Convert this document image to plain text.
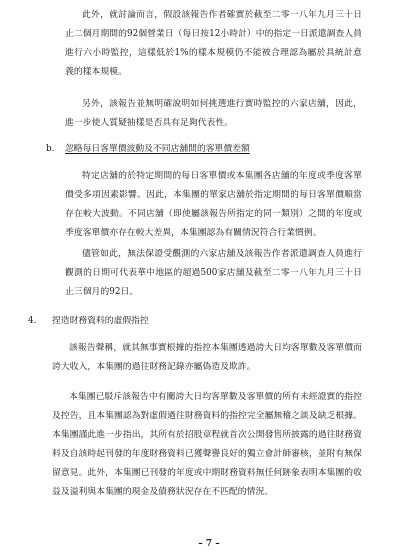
此外，就討論而言，假設該報告作者確實於截至二零一八年九月三十日止二個月期間的92個營業日（每日按12小時計）中的指定一日派遣調查人員進行六小時監控，這樣低於1%的樣本規模仍不能被合理認為屬於具統計意義的樣本規模。

另外，該報告並無明確說明如何挑選進行實時監控的六家店舖，因此，進一步使人質疑抽樣是否具有足夠代表性。

b. 忽略每日客單價波動及不同店舖間的客單價差額

特定店舖的於特定期間的每日客單價或本集團各店舖的年度或季度客單價受多項因素影響。因此，本集團的單家店舖於指定期間的每日客單價順當存在較大波動。不同店舖（即使屬該報告所指定的同一類別）之間的年度或季度客單價亦存在較大差異，本集團認為有關情況符合行業慣例。

儘管如此，無法保證受觀測的六家店舖及該報告作者派遣調查人員進行觀測的日期可代表華中地區的超過500家店舖及截至二零一八年九月三十日止三個月的92日。

4. 捏造財務資料的虛假指控

該報告聲稱，就其無事實根據的指控本集團透過誇大日均客單數及客單價而誇大收入，本集團的過往財務記錄亦屬偽造及欺詐。

本集團已駁斥該報告中有關誇大日均客單數及客單價的所有未經證實的指控及控告，且本集團認為對虛假過往財務資料的指控完全屬無稽之談及缺乏根據。本集團謹此進一步指出，其所有於招股章程就首次公開發售所披露的過往財務資料及自該時起刊發的年度財務資料已獲聲譽良好的獨立會計師審核，並附有無保留意見。此外，本集團已刊發的年度或中期財務資料無任何跡象表明本集團的收益及溢利與本集團的現金及債務狀況存在不匹配的情況。

– 7 –
